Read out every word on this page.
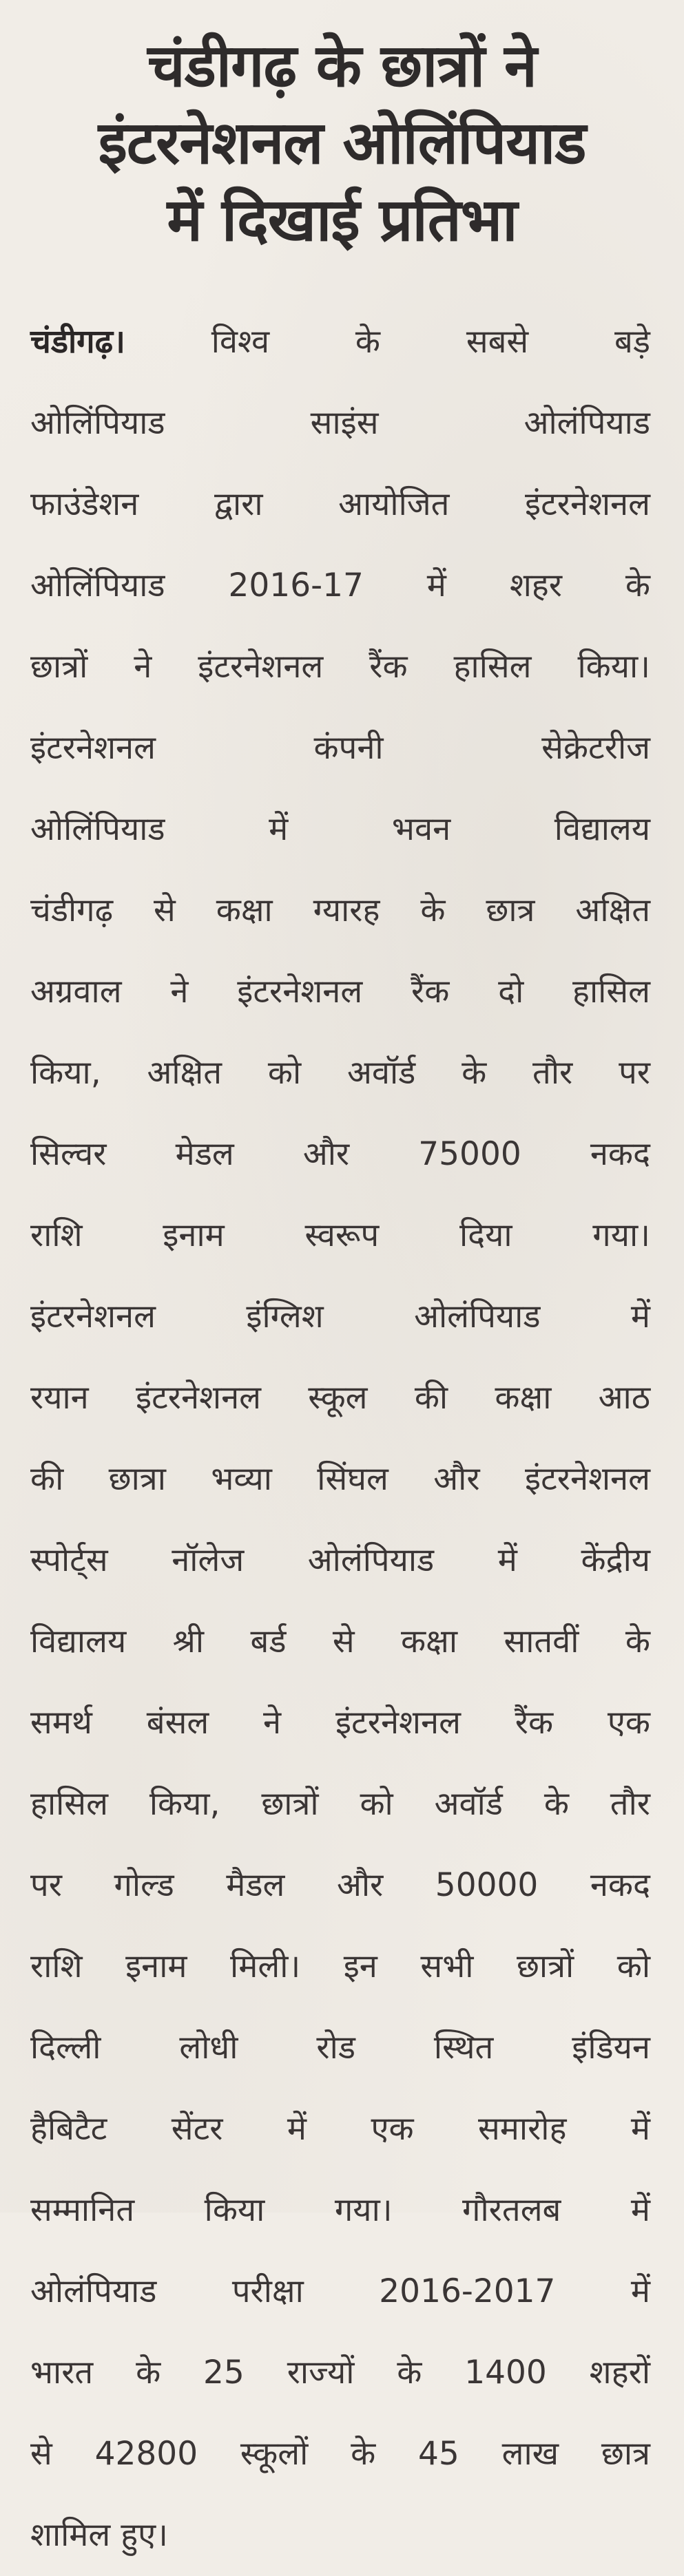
चंडीगढ़ के छात्रों ने
इंटरनेशनल ओलिंपियाड
में दिखाई प्रतिभा
चंडीगढ़। विश्व के सबसे बड़े
ओलिंपियाड साइंस ओलंपियाड
फाउंडेशन द्वारा आयोजित इंटरनेशनल
ओलिंपियाड 2016-17 में शहर के
छात्रों ने इंटरनेशनल रैंक हासिल किया।
इंटरनेशनल कंपनी सेक्रेटरीज
ओलिंपियाड में भवन विद्यालय
चंडीगढ़ से कक्षा ग्यारह के छात्र अक्षित
अग्रवाल ने इंटरनेशनल रैंक दो हासिल
किया, अक्षित को अवॉर्ड के तौर पर
सिल्वर मेडल और 75000 नकद
राशि इनाम स्वरूप दिया गया।
इंटरनेशनल इंग्लिश ओलंपियाड में
रयान इंटरनेशनल स्कूल की कक्षा आठ
की छात्रा भव्या सिंघल और इंटरनेशनल
स्पोर्ट्स नॉलेज ओलंपियाड में केंद्रीय
विद्यालय श्री बर्ड से कक्षा सातवीं के
समर्थ बंसल ने इंटरनेशनल रैंक एक
हासिल किया, छात्रों को अवॉर्ड के तौर
पर गोल्ड मैडल और 50000 नकद
राशि इनाम मिली। इन सभी छात्रों को
दिल्ली लोधी रोड स्थित इंडियन
हैबिटैट सेंटर में एक समारोह में
सम्मानित किया गया। गौरतलब में
ओलंपियाड परीक्षा 2016-2017 में
भारत के 25 राज्यों के 1400 शहरों
से 42800 स्कूलों के 45 लाख छात्र
शामिल हुए।
